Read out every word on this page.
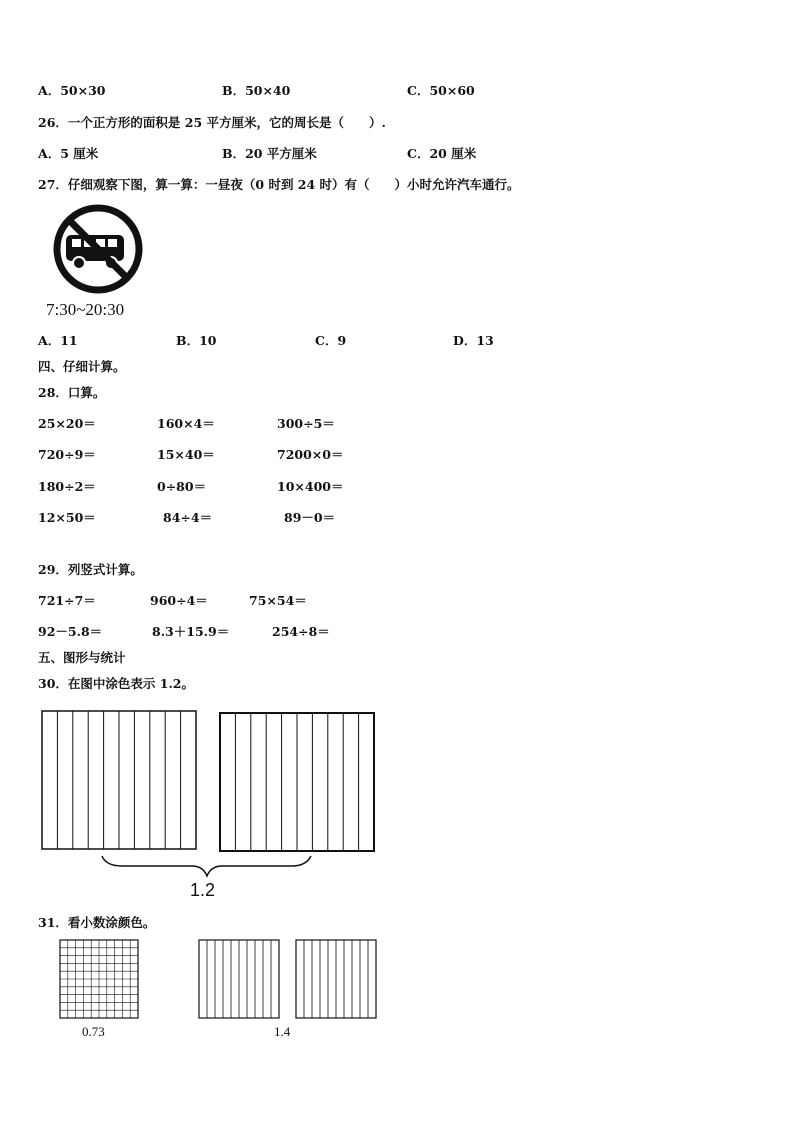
A．50×30	B．50×40	C．50×60
26．一个正方形的面积是 25 平方厘米，它的周长是（　　）.
A．5 厘米	B．20 平方厘米	C．20 厘米
27．仔细观察下图，算一算：一昼夜（0 时到 24 时）有（　　）小时允许汽车通行。
7:30~20:30
A．11	B．10	C．9	D．13
四、仔细计算。
28．口算。
25×20＝	160×4＝	300÷5＝
720÷9＝	15×40＝	7200×0＝
180÷2＝	0÷80＝	10×400＝
12×50＝	84÷4＝	89－0＝
29．列竖式计算。
721÷7＝	960÷4＝	75×54＝
92－5.8＝	8.3＋15.9＝	254÷8＝
五、图形与统计
30．在图中涂色表示 1.2。
1.2
31．看小数涂颜色。
0.73	1.4
